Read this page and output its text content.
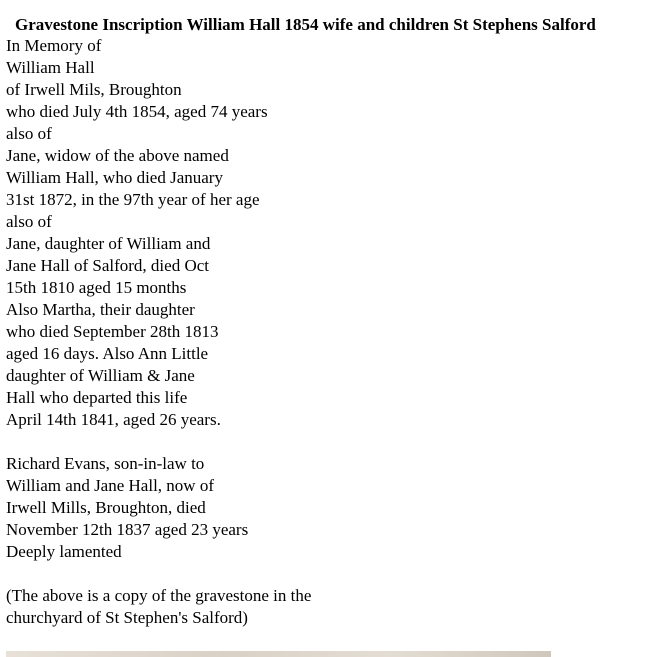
Gravestone Inscription William Hall 1854 wife and children St Stephens Salford
In Memory of
William Hall
of Irwell Mils, Broughton
who died July 4th 1854, aged 74 years
also of
Jane, widow of the above named
William Hall, who died January
31st 1872, in the 97th year of her age
also of
Jane, daughter of William and
Jane Hall of Salford, died Oct
15th 1810 aged 15 months
Also Martha, their daughter
who died September 28th 1813
aged 16 days. Also Ann Little
daughter of William & Jane
Hall who departed this life
April 14th 1841, aged 26 years.
Richard Evans, son-in-law to
William and Jane Hall, now of
Irwell Mills, Broughton, died
November 12th 1837 aged 23 years
Deeply lamented
(The above is a copy of the gravestone in the
churchyard of St Stephen's Salford)
